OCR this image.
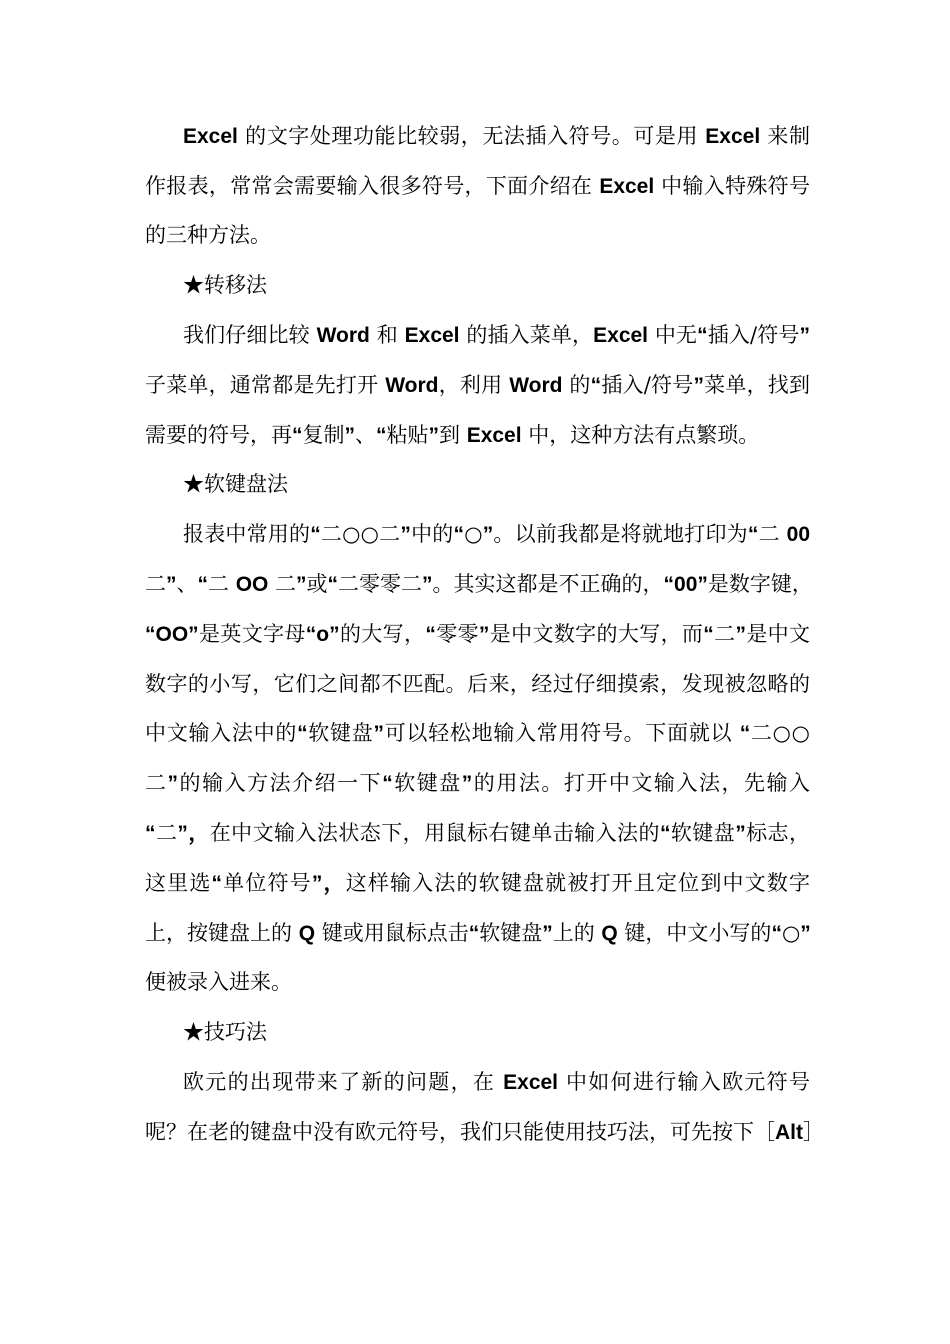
Excel 的文字处理功能比较弱，无法插入符号。可是用 Excel 来制
作报表，常常会需要输入很多符号，下面介绍在 Excel 中输入特殊符号
的三种方法。
★转移法
我们仔细比较 Word 和 Excel 的插入菜单，Excel 中无“插入/符号”
子菜单，通常都是先打开 Word，利用 Word 的“插入/符号”菜单，找到
需要的符号，再“复制”、“粘贴”到 Excel 中，这种方法有点繁琐。
★软键盘法
报表中常用的“二○○二”中的“○”。以前我都是将就地打印为“二 00
二”、“二 OO 二”或“二零零二”。其实这都是不正确的，“00”是数字键，
“OO”是英文字母“o”的大写，“零零”是中文数字的大写，而“二”是中文
数字的小写，它们之间都不匹配。后来，经过仔细摸索，发现被忽略的
中文输入法中的“软键盘”可以轻松地输入常用符号。下面就以 “二○○
二”的输入方法介绍一下“软键盘”的用法。打开中文输入法，先输入
“二”，在中文输入法状态下，用鼠标右键单击输入法的“软键盘”标志，
这里选“单位符号”，这样输入法的软键盘就被打开且定位到中文数字
上，按键盘上的 Q 键或用鼠标点击“软键盘”上的 Q 键，中文小写的“○”
便被录入进来。
★技巧法
欧元的出现带来了新的问题，在 Excel 中如何进行输入欧元符号
呢？在老的键盘中没有欧元符号，我们只能使用技巧法，可先按下［Alt］
